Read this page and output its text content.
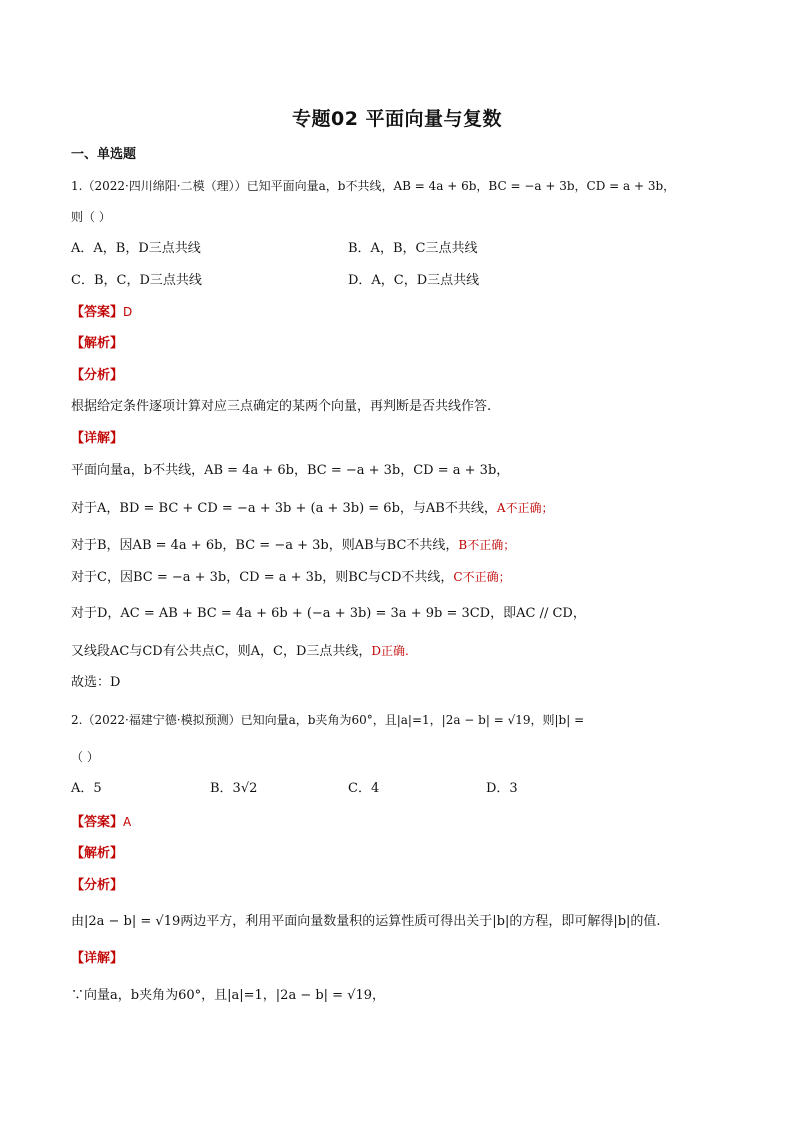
专题02 平面向量与复数
一、单选题
1.（2022·四川绵阳·二模（理））已知平面向量a，b不共线，AB = 4a + 6b，BC = −a + 3b，CD = a + 3b，
则（ ）
A．A，B，D三点共线	B．A，B，C三点共线
C．B，C，D三点共线	D．A，C，D三点共线
【答案】D
【解析】
【分析】
根据给定条件逐项计算对应三点确定的某两个向量，再判断是否共线作答.
【详解】
平面向量a，b不共线，AB = 4a + 6b，BC = −a + 3b，CD = a + 3b，
对于A，BD = BC + CD = −a + 3b + (a + 3b) = 6b，与AB不共线，A不正确；
对于B，因AB = 4a + 6b，BC = −a + 3b，则AB与BC不共线，B不正确；
对于C，因BC = −a + 3b，CD = a + 3b，则BC与CD不共线，C不正确；
对于D，AC = AB + BC = 4a + 6b + (−a + 3b) = 3a + 9b = 3CD，即AC // CD，
又线段AC与CD有公共点C，则A，C，D三点共线，D正确.
故选：D
2.（2022·福建宁德·模拟预测）已知向量a，b夹角为60°，且|a|=1，|2a − b| = √19，则|b| =
（ ）
A．5	B．3√2	C．4	D．3
【答案】A
【解析】
【分析】
由|2a − b| = √19两边平方，利用平面向量数量积的运算性质可得出关于|b|的方程，即可解得|b|的值.
【详解】
∵向量a，b夹角为60°，且|a|=1，|2a − b| = √19，
